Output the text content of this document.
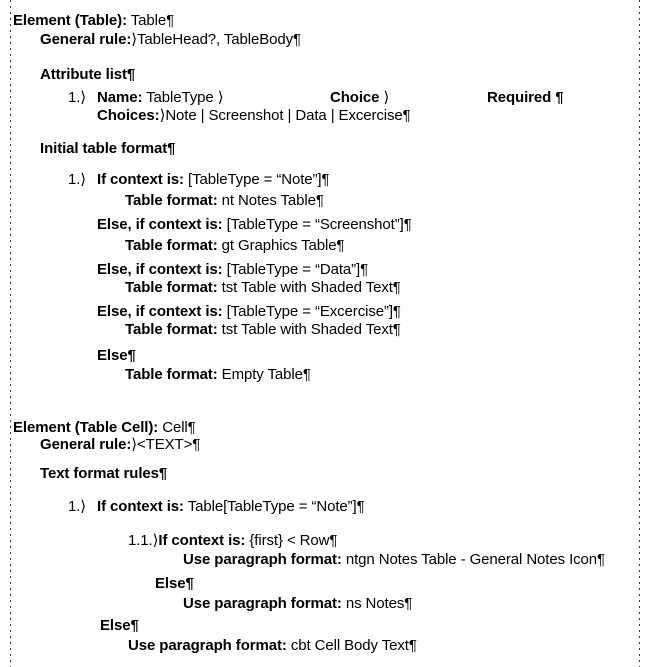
Element (Table): Table¶
General rule:⟩TableHead?, TableBody¶
Attribute list¶
1.⟩ Name: TableType ⟩	Choice ⟩	Required ¶
Choices:⟩Note | Screenshot | Data | Excercise¶
Initial table format¶
1.⟩ If context is: [TableType = “Note”]¶
Table format: nt Notes Table¶
Else, if context is: [TableType = “Screenshot”]¶
Table format: gt Graphics Table¶
Else, if context is: [TableType = “Data”]¶
Table format: tst Table with Shaded Text¶
Else, if context is: [TableType = “Excercise”]¶
Table format: tst Table with Shaded Text¶
Else¶
Table format: Empty Table¶
Element (Table Cell): Cell¶
General rule:⟩<TEXT>¶
Text format rules¶
1.⟩ If context is: Table[TableType = “Note”]¶
1.1.⟩If context is: {first} < Row¶
Use paragraph format: ntgn Notes Table - General Notes Icon¶
Else¶
Use paragraph format: ns Notes¶
Else¶
Use paragraph format: cbt Cell Body Text¶
